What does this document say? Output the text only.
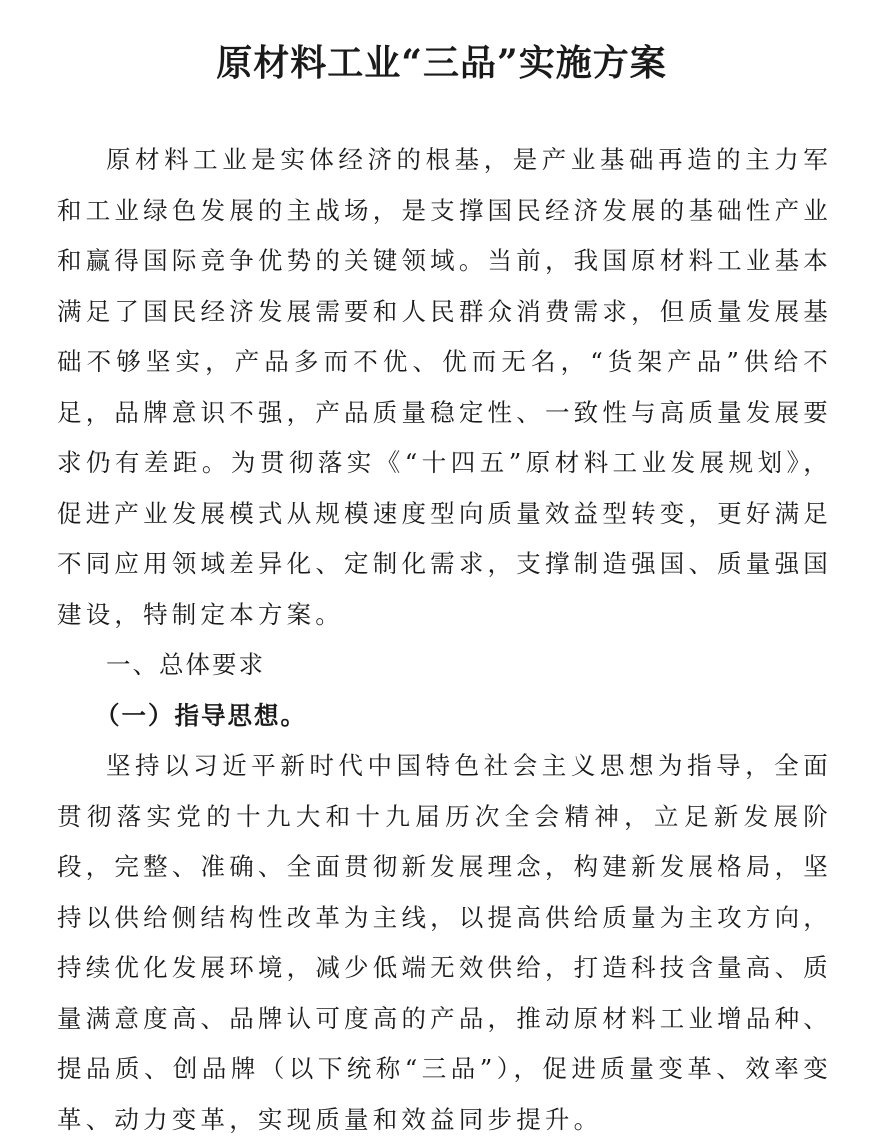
原材料工业“三品”实施方案

原材料工业是实体经济的根基，是产业基础再造的主力军和工业绿色发展的主战场，是支撑国民经济发展的基础性产业和赢得国际竞争优势的关键领域。当前，我国原材料工业基本满足了国民经济发展需要和人民群众消费需求，但质量发展基础不够坚实，产品多而不优、优而无名，“货架产品”供给不足，品牌意识不强，产品质量稳定性、一致性与高质量发展要求仍有差距。为贯彻落实《“十四五”原材料工业发展规划》，促进产业发展模式从规模速度型向质量效益型转变，更好满足不同应用领域差异化、定制化需求，支撑制造强国、质量强国建设，特制定本方案。

一、总体要求
（一）指导思想。

坚持以习近平新时代中国特色社会主义思想为指导，全面贯彻落实党的十九大和十九届历次全会精神，立足新发展阶段，完整、准确、全面贯彻新发展理念，构建新发展格局，坚持以供给侧结构性改革为主线，以提高供给质量为主攻方向，持续优化发展环境，减少低端无效供给，打造科技含量高、质量满意度高、品牌认可度高的产品，推动原材料工业增品种、提品质、创品牌（以下统称“三品”），促进质量变革、效率变革、动力变革，实现质量和效益同步提升。
